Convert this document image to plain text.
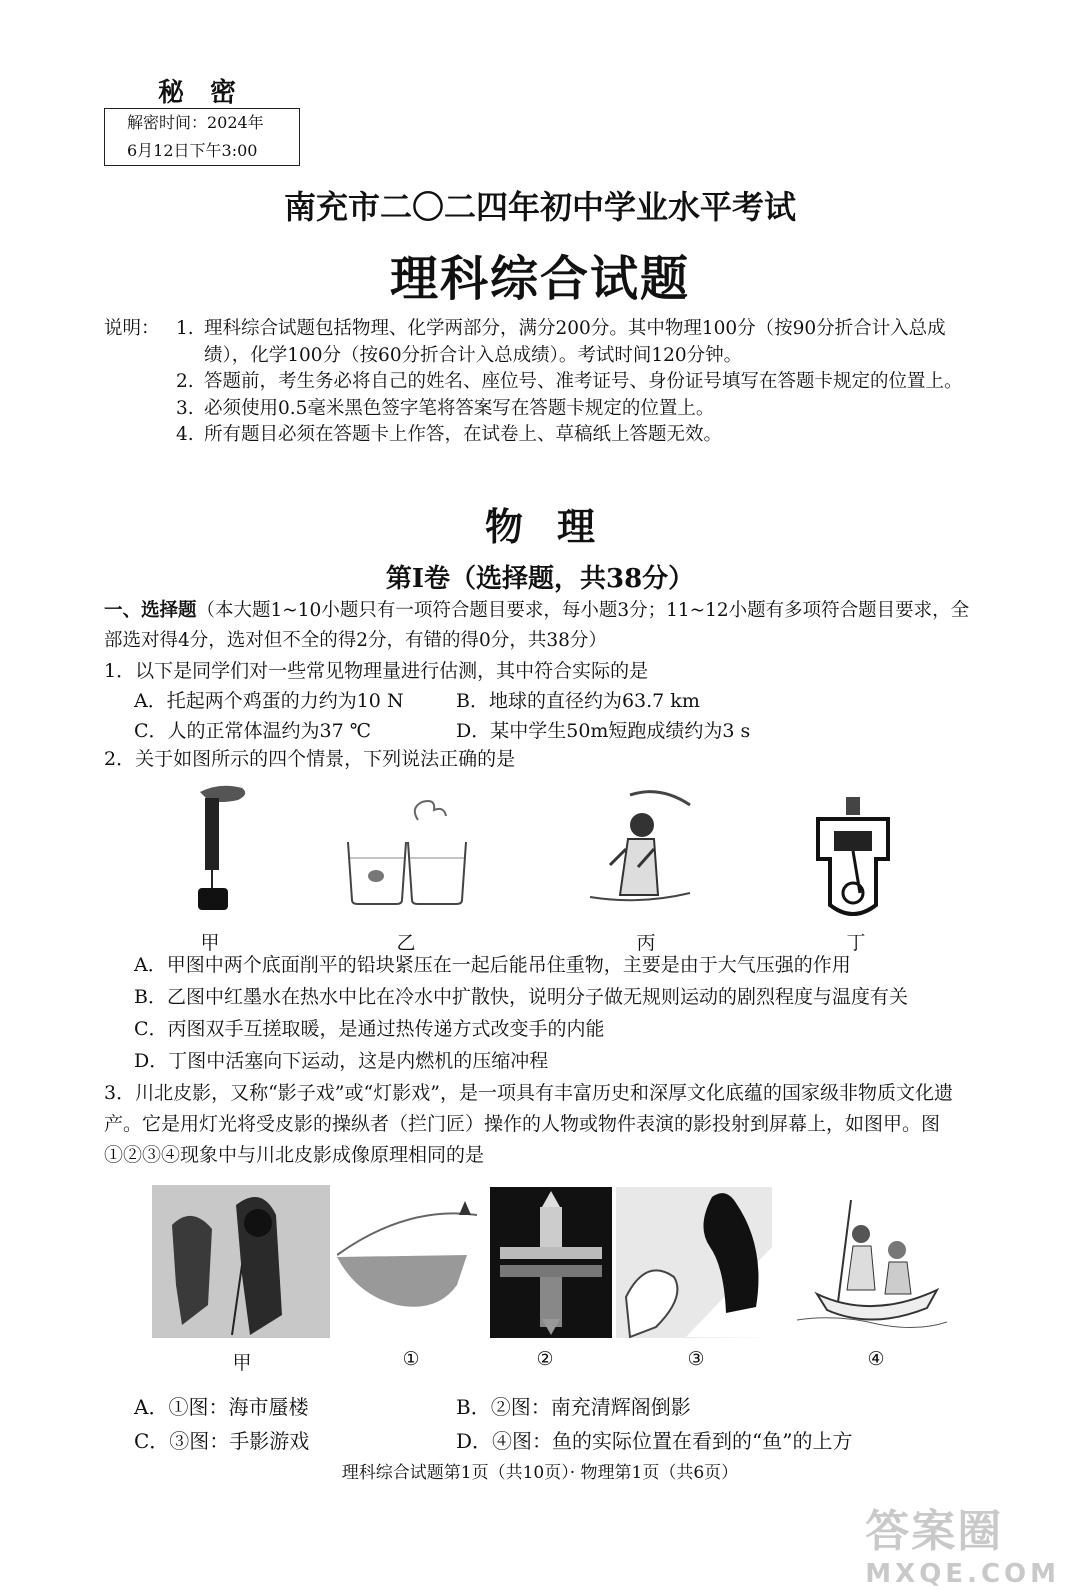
秘密
解密时间：2024年
6月12日下午3:00
南充市二〇二四年初中学业水平考试
理科综合试题
说明： 1. 理科综合试题包括物理、化学两部分，满分200分。其中物理100分（按90分折合计入总成绩），化学100分（按60分折合计入总成绩）。考试时间120分钟。
2. 答题前，考生务必将自己的姓名、座位号、准考证号、身份证号填写在答题卡规定的位置上。
3. 必须使用0.5毫米黑色签字笔将答案写在答题卡规定的位置上。
4. 所有题目必须在答题卡上作答，在试卷上、草稿纸上答题无效。
物理
第Ⅰ卷（选择题，共38分）
一、选择题（本大题1~10小题只有一项符合题目要求，每小题3分；11~12小题有多项符合题目要求，全部选对得4分，选对但不全的得2分，有错的得0分，共38分）
1．以下是同学们对一些常见物理量进行估测，其中符合实际的是
A．托起两个鸡蛋的力约为10 N	B．地球的直径约为63.7 km
C．人的正常体温约为37 ℃	D．某中学生50m短跑成绩约为3 s
2．关于如图所示的四个情景，下列说法正确的是
甲	乙	丙	丁
A．甲图中两个底面削平的铅块紧压在一起后能吊住重物，主要是由于大气压强的作用
B．乙图中红墨水在热水中比在冷水中扩散快，说明分子做无规则运动的剧烈程度与温度有关
C．丙图双手互搓取暖，是通过热传递方式改变手的内能
D．丁图中活塞向下运动，这是内燃机的压缩冲程
3．川北皮影，又称“影子戏”或“灯影戏”，是一项具有丰富历史和深厚文化底蕴的国家级非物质文化遗产。它是用灯光将受皮影的操纵者（拦门匠）操作的人物或物件表演的影投射到屏幕上，如图甲。图①②③④现象中与川北皮影成像原理相同的是
甲	①	②	③	④
A．①图：海市蜃楼	B．②图：南充清辉阁倒影
C．③图：手影游戏	D．④图：鱼的实际位置在看到的“鱼”的上方
理科综合试题第1页（共10页）· 物理第1页（共6页）
答案圈
MXQE.COM
